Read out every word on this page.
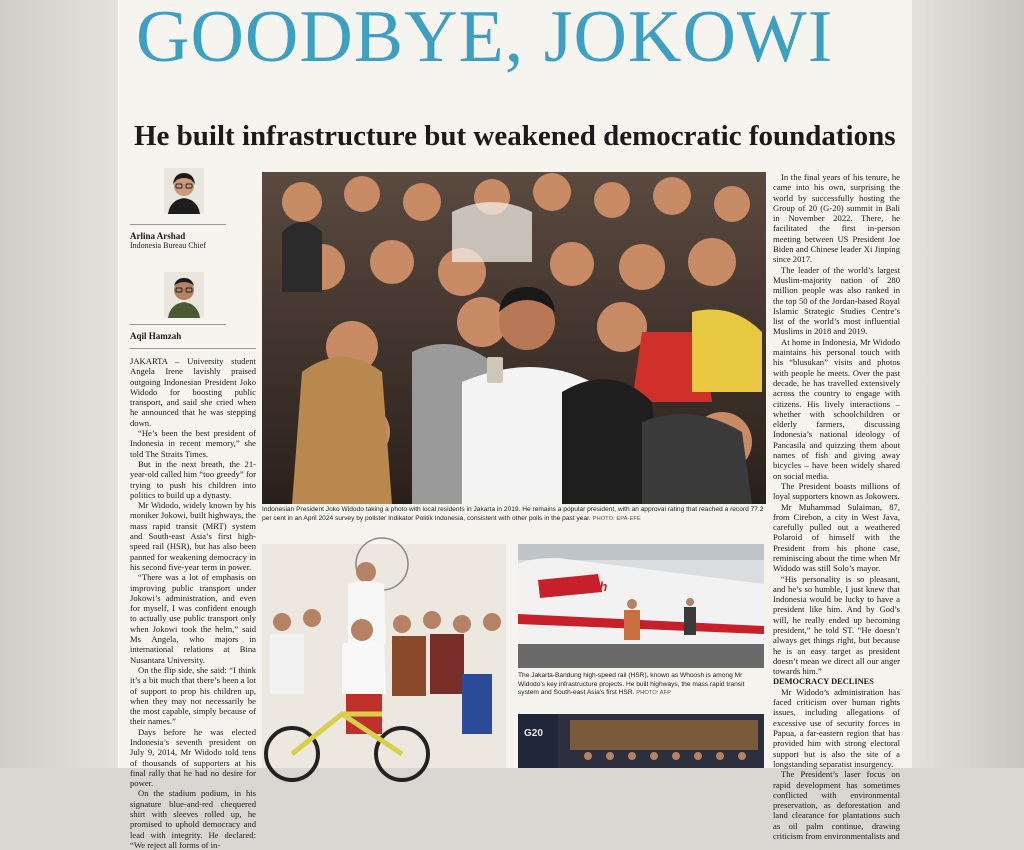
GOODBYE, JOKOWI
He built infrastructure but weakened democratic foundations
Arlina Arshad
Indonesia Bureau Chief
Aqil Hamzah

JAKARTA – University student Angela Irene lavishly praised outgoing Indonesian President Joko Widodo for boosting public transport, and said she cried when he announced that he was stepping down.

“He’s been the best president of Indonesia in recent memory,” she told The Straits Times.

But in the next breath, the 21-year-old called him “too greedy” for trying to push his children into politics to build up a dynasty.

Mr Widodo, widely known by his moniker Jokowi, built highways, the mass rapid transit (MRT) system and South-east Asia’s first high-speed rail (HSR), but has also been panned for weakening democracy in his second five-year term in power.

“There was a lot of emphasis on improving public transport under Jokowi’s administration, and even for myself, I was confident enough to actually use public transport only when Jokowi took the helm,” said Ms Angela, who majors in international relations at Bina Nusantara University.

On the flip side, she said: “I think it’s a bit much that there’s been a lot of support to prop his children up, when they may not necessarily be the most capable, simply because of their names.”

Days before he was elected Indonesia’s seventh president on July 9, 2014, Mr Widodo told tens of thousands of supporters at his final rally that he had no desire for power.

On the stadium podium, in his signature blue-and-red chequered shirt with sleeves rolled up, he promised to uphold democracy and lead with integrity. He declared: “We reject all forms of in-

Indonesian President Joko Widodo taking a photo with local residents in Jakarta in 2019. He remains a popular president, with an approval rating that reached a record 77.2 per cent in an April 2024 survey by pollster Indikator Politik Indonesia, consistent with other polls in the past year. PHOTO: EPA-EFE

In the final years of his tenure, he came into his own, surprising the world by successfully hosting the Group of 20 (G-20) summit in Bali in November 2022. There, he facilitated the first in-person meeting between US President Joe Biden and Chinese leader Xi Jinping since 2017.

The leader of the world’s largest Muslim-majority nation of 280 million people was also ranked in the top 50 of the Jordan-based Royal Islamic Strategic Studies Centre’s list of the world’s most influential Muslims in 2018 and 2019.

At home in Indonesia, Mr Widodo maintains his personal touch with his “blusukan” visits and photos with people he meets. Over the past decade, he has travelled extensively across the country to engage with citizens. His lively interactions – whether with schoolchildren or elderly farmers, discussing Indonesia’s national ideology of Pancasila and quizzing them about names of fish and giving away bicycles – have been widely shared on social media.

The President boasts millions of loyal supporters known as Jokowers.

Mr Muhammad Sulaiman, 87, from Cirebon, a city in West Java, carefully pulled out a weathered Polaroid of himself with the President from his phone case, reminiscing about the time when Mr Widodo was still Solo’s mayor.

“His personality is so pleasant, and he’s so humble, I just knew that Indonesia would be lucky to have a president like him. And by God’s will, he really ended up becoming president,” he told ST. “He doesn’t always get things right, but because he is an easy target as president doesn’t mean we direct all our anger towards him.”

DEMOCRACY DECLINES

Mr Widodo’s administration has faced criticism over human rights issues, including allegations of excessive use of security forces in Papua, a far-eastern region that has provided him with strong electoral support but is also the site of a longstanding separatist insurgency.

The President’s laser focus on rapid development has sometimes conflicted with environmental preservation, as deforestation and land clearance for plantations such as oil palm continue, drawing criticism from environmentalists and

Whoosh
The Jakarta-Bandung high-speed rail (HSR), known as Whoosh is among Mr Widodo’s key infrastructure projects. He built highways, the mass rapid transit system and South-east Asia’s first HSR. PHOTO: AFP
G20
